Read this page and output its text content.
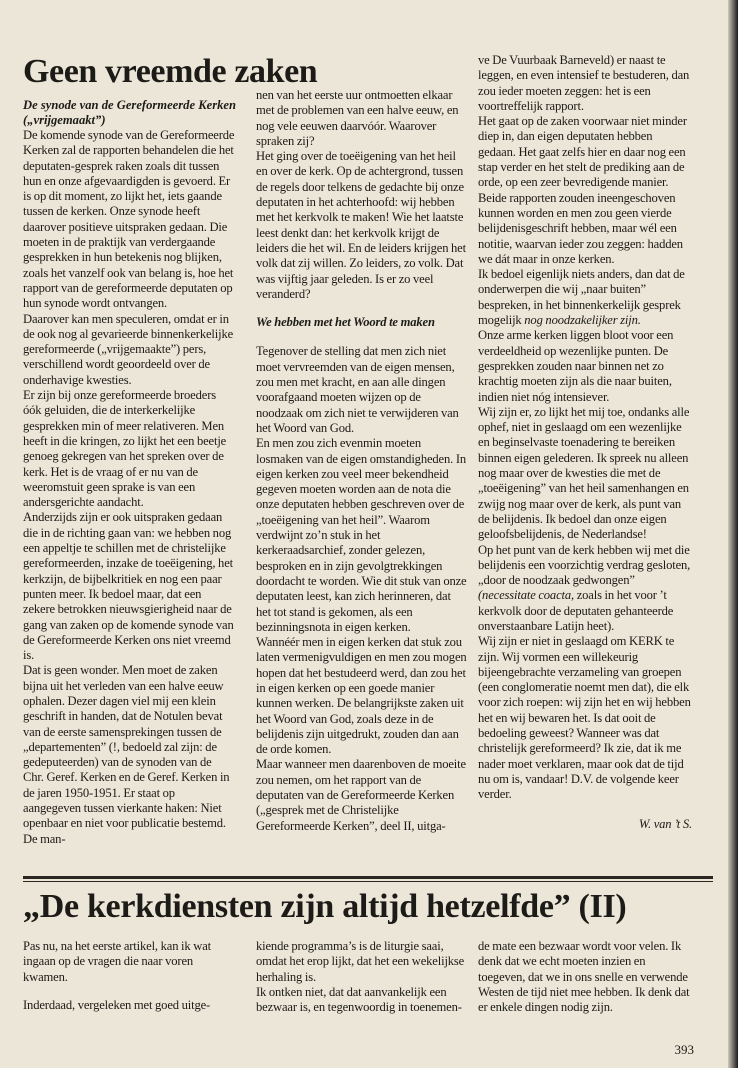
Geen vreemde zaken

De synode van de Gereformeerde Kerken („vrijgemaakt”)

De komende synode van de Gereformeerde Kerken zal de rapporten behandelen die het deputaten-gesprek raken zoals dit tussen hun en onze afgevaardigden is gevoerd. Er is op dit moment, zo lijkt het, iets gaande tussen de kerken. Onze synode heeft daarover positieve uitspraken gedaan. Die moeten in de praktijk van verdergaande gesprekken in hun betekenis nog blijken, zoals het vanzelf ook van belang is, hoe het rapport van de gereformeerde deputaten op hun synode wordt ontvangen.

Daarover kan men speculeren, omdat er in de ook nog al gevarieerde binnenkerkelijke gereformeerde („vrijgemaakte”) pers, verschillend wordt geoordeeld over de onderhavige kwesties.

Er zijn bij onze gereformeerde broeders óók geluiden, die de interkerkelijke gesprekken min of meer relativeren. Men heeft in die kringen, zo lijkt het een beetje genoeg gekregen van het spreken over de kerk. Het is de vraag of er nu van de weeromstuit geen sprake is van een andersgerichte aandacht.

Anderzijds zijn er ook uitspraken gedaan die in de richting gaan van: we hebben nog een appeltje te schillen met de christelijke gereformeerden, inzake de toeëigening, het kerkzijn, de bijbelkritiek en nog een paar punten meer. Ik bedoel maar, dat een zekere betrokken nieuwsgierigheid naar de gang van zaken op de komende synode van de Gereformeerde Kerken ons niet vreemd is.

Dat is geen wonder. Men moet de zaken bijna uit het verleden van een halve eeuw ophalen. Dezer dagen viel mij een klein geschrift in handen, dat de Notulen bevat van de eerste samensprekingen tussen de „departementen” (!, bedoeld zal zijn: de gedeputeerden) van de synoden van de Chr. Geref. Kerken en de Geref. Kerken in de jaren 1950-1951. Er staat op aangegeven tussen vierkante haken: Niet openbaar en niet voor publicatie bestemd. De man-

nen van het eerste uur ontmoetten elkaar met de problemen van een halve eeuw, en nog vele eeuwen daarvóór. Waarover spraken zij?

Het ging over de toeëigening van het heil en over de kerk. Op de achtergrond, tussen de regels door telkens de gedachte bij onze deputaten in het achterhoofd: wij hebben met het kerkvolk te maken! Wie het laatste leest denkt dan: het kerkvolk krijgt de leiders die het wil. En de leiders krijgen het volk dat zij willen. Zo leiders, zo volk. Dat was vijftig jaar geleden. Is er zo veel veranderd?

We hebben met het Woord te maken

Tegenover de stelling dat men zich niet moet vervreemden van de eigen mensen, zou men met kracht, en aan alle dingen voorafgaand moeten wijzen op de noodzaak om zich niet te verwijderen van het Woord van God.

En men zou zich evenmin moeten losmaken van de eigen omstandigheden. In eigen kerken zou veel meer bekendheid gegeven moeten worden aan de nota die onze deputaten hebben geschreven over de „toeëigening van het heil”. Waarom verdwijnt zo’n stuk in het kerkeraadsarchief, zonder gelezen, besproken en in zijn gevolgtrekkingen doordacht te worden. Wie dit stuk van onze deputaten leest, kan zich herinneren, dat het tot stand is gekomen, als een bezinningsnota in eigen kerken.

Wannéér men in eigen kerken dat stuk zou laten vermenigvuldigen en men zou mogen hopen dat het bestudeerd werd, dan zou het in eigen kerken op een goede manier kunnen werken. De belangrijkste zaken uit het Woord van God, zoals deze in de belijdenis zijn uitgedrukt, zouden dan aan de orde komen.

Maar wanneer men daarenboven de moeite zou nemen, om het rapport van de deputaten van de Gereformeerde Kerken („gesprek met de Christelijke Gereformeerde Kerken”, deel II, uitga-

ve De Vuurbaak Barneveld) er naast te leggen, en even intensief te bestuderen, dan zou ieder moeten zeggen: het is een voortreffelijk rapport.

Het gaat op de zaken voorwaar niet minder diep in, dan eigen deputaten hebben gedaan. Het gaat zelfs hier en daar nog een stap verder en het stelt de prediking aan de orde, op een zeer bevredigende manier. Beide rapporten zouden ineengeschoven kunnen worden en men zou geen vierde belijdenisgeschrift hebben, maar wél een notitie, waarvan ieder zou zeggen: hadden we dát maar in onze kerken.

Ik bedoel eigenlijk niets anders, dan dat de onderwerpen die wij „naar buiten” bespreken, in het binnenkerkelijk gesprek mogelijk nog noodzakelijker zijn.

Onze arme kerken liggen bloot voor een verdeeldheid op wezenlijke punten. De gesprekken zouden naar binnen net zo krachtig moeten zijn als die naar buiten, indien niet nóg intensiever.

Wij zijn er, zo lijkt het mij toe, ondanks alle ophef, niet in geslaagd om een wezenlijke en beginselvaste toenadering te bereiken binnen eigen gelederen. Ik spreek nu alleen nog maar over de kwesties die met de „toeëigening” van het heil samenhangen en zwijg nog maar over de kerk, als punt van de belijdenis. Ik bedoel dan onze eigen geloofsbelijdenis, de Nederlandse!

Op het punt van de kerk hebben wij met die belijdenis een voorzichtig verdrag gesloten, „door de noodzaak gedwongen” (necessitate coacta, zoals in het voor ’t kerkvolk door de deputaten gehanteerde onverstaanbare Latijn heet).

Wij zijn er niet in geslaagd om KERK te zijn. Wij vormen een willekeurig bijeengebrachte verzameling van groepen (een conglomeratie noemt men dat), die elk voor zich roepen: wij zijn het en wij hebben het en wij bewaren het. Is dat ooit de bedoeling geweest? Wanneer was dat christelijk gereformeerd? Ik zie, dat ik me nader moet verklaren, maar ook dat de tijd nu om is, vandaar! D.V. de volgende keer verder.

W. van ’t S.

„De kerkdiensten zijn altijd hetzelfde” (II)

Pas nu, na het eerste artikel, kan ik wat ingaan op de vragen die naar voren kwamen.

Inderdaad, vergeleken met goed uitge-

kiende programma’s is de liturgie saai, omdat het erop lijkt, dat het een wekelijkse herhaling is.

Ik ontken niet, dat dat aanvankelijk een bezwaar is, en tegenwoordig in toenemen-

de mate een bezwaar wordt voor velen. Ik denk dat we echt moeten inzien en toegeven, dat we in ons snelle en verwende Westen de tijd niet mee hebben. Ik denk dat er enkele dingen nodig zijn.

393
